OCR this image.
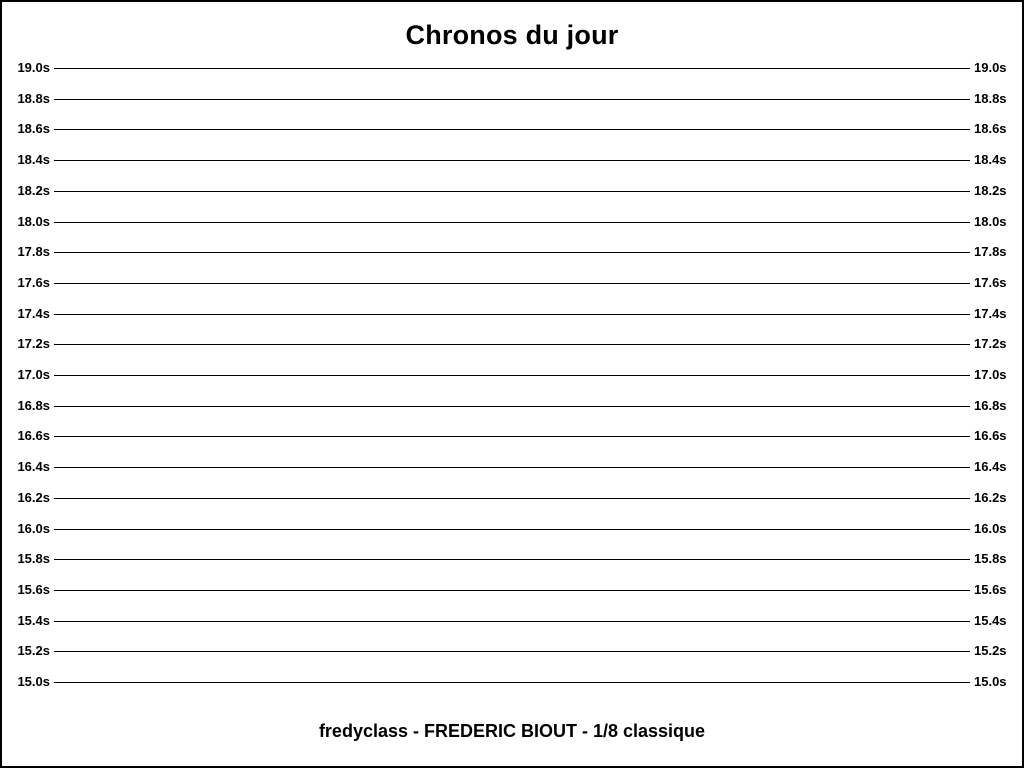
Chronos du jour
19.0s	19.0s
18.8s	18.8s
18.6s	18.6s
18.4s	18.4s
18.2s	18.2s
18.0s	18.0s
17.8s	17.8s
17.6s	17.6s
17.4s	17.4s
17.2s	17.2s
17.0s	17.0s
16.8s	16.8s
16.6s	16.6s
16.4s	16.4s
16.2s	16.2s
16.0s	16.0s
15.8s	15.8s
15.6s	15.6s
15.4s	15.4s
15.2s	15.2s
15.0s	15.0s
fredyclass - FREDERIC BIOUT - 1/8 classique
